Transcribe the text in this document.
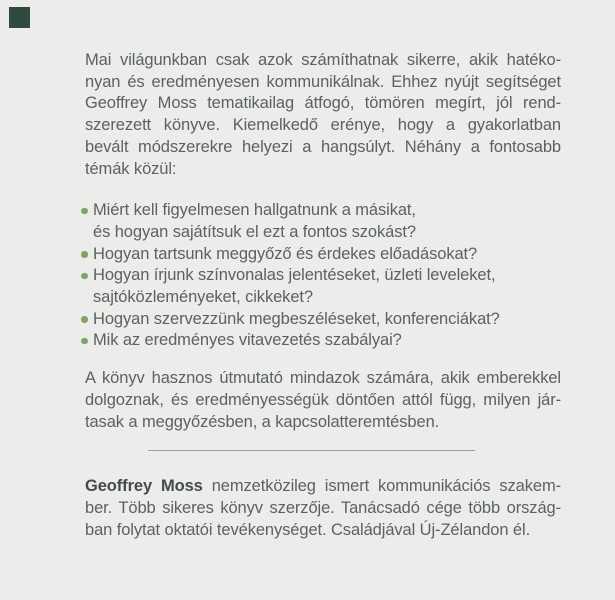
Mai világunkban csak azok számíthatnak sikerre, akik hatéko-
nyan és eredményesen kommunikálnak. Ehhez nyújt segítséget
Geoffrey Moss tematikailag átfogó, tömören megírt, jól rend-
szerezett könyve. Kiemelkedő erénye, hogy a gyakorlatban
bevált módszerekre helyezi a hangsúlyt. Néhány a fontosabb
témák közül:
Miért kell figyelmesen hallgatnunk a másikat,
és hogyan sajátítsuk el ezt a fontos szokást?
Hogyan tartsunk meggyőző és érdekes előadásokat?
Hogyan írjunk színvonalas jelentéseket, üzleti leveleket,
sajtóközleményeket, cikkeket?
Hogyan szervezzünk megbeszéléseket, konferenciákat?
Mik az eredményes vitavezetés szabályai?
A könyv hasznos útmutató mindazok számára, akik emberekkel
dolgoznak, és eredményességük döntően attól függ, milyen jár-
tasak a meggyőzésben, a kapcsolatteremtésben.
Geoffrey Moss nemzetközileg ismert kommunikációs szakem-
ber. Több sikeres könyv szerzője. Tanácsadó cége több ország-
ban folytat oktatói tevékenységet. Családjával Új-Zélandon él.
